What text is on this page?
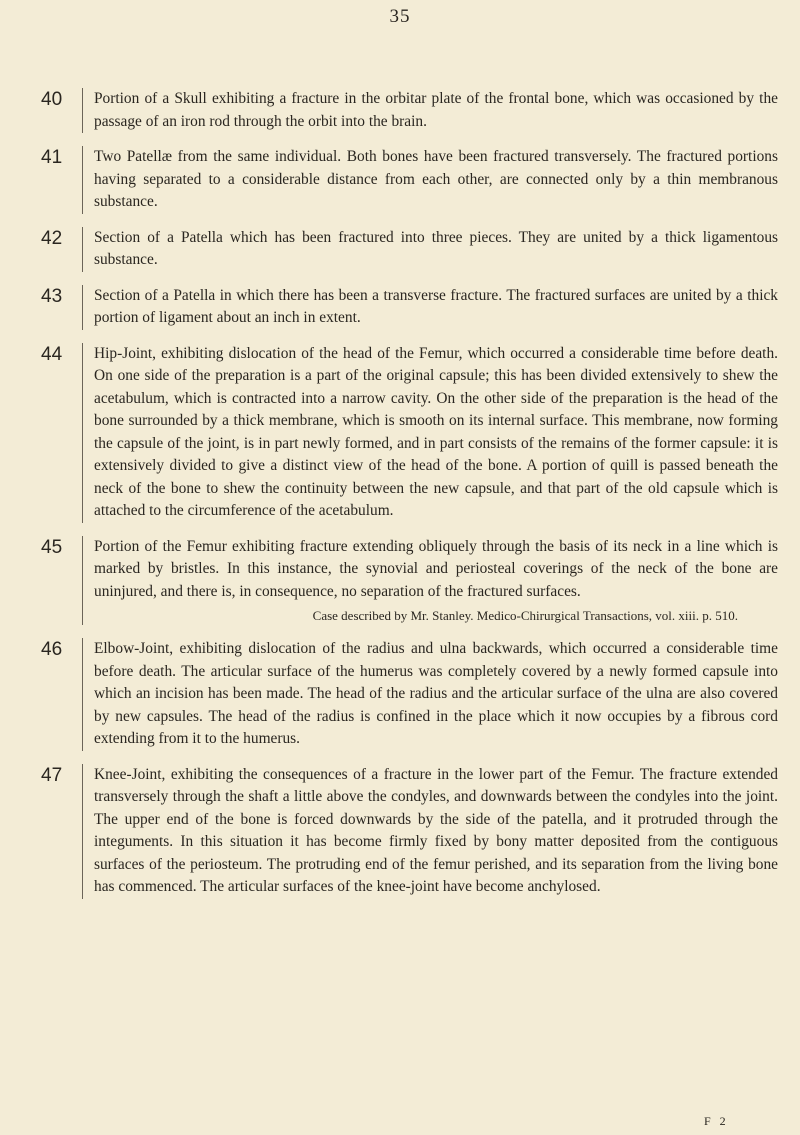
35
40 Portion of a Skull exhibiting a fracture in the orbitar plate of the frontal bone, which was occasioned by the passage of an iron rod through the orbit into the brain.

41 Two Patellæ from the same individual. Both bones have been fractured transversely. The fractured portions having separated to a considerable distance from each other, are connected only by a thin membranous substance.

42 Section of a Patella which has been fractured into three pieces. They are united by a thick ligamentous substance.

43 Section of a Patella in which there has been a transverse fracture. The fractured surfaces are united by a thick portion of ligament about an inch in extent.

44 Hip-Joint, exhibiting dislocation of the head of the Femur, which occurred a considerable time before death. On one side of the preparation is a part of the original capsule; this has been divided extensively to shew the acetabulum, which is contracted into a narrow cavity. On the other side of the preparation is the head of the bone surrounded by a thick membrane, which is smooth on its internal surface. This membrane, now forming the capsule of the joint, is in part newly formed, and in part consists of the remains of the former capsule: it is extensively divided to give a distinct view of the head of the bone. A portion of quill is passed beneath the neck of the bone to shew the continuity between the new capsule, and that part of the old capsule which is attached to the circumference of the acetabulum.

45 Portion of the Femur exhibiting fracture extending obliquely through the basis of its neck in a line which is marked by bristles. In this instance, the synovial and periosteal coverings of the neck of the bone are uninjured, and there is, in consequence, no separation of the fractured surfaces.

Case described by Mr. Stanley. Medico-Chirurgical Transactions, vol. xiii. p. 510.

46 Elbow-Joint, exhibiting dislocation of the radius and ulna backwards, which occurred a considerable time before death. The articular surface of the humerus was completely covered by a newly formed capsule into which an incision has been made. The head of the radius and the articular surface of the ulna are also covered by new capsules. The head of the radius is confined in the place which it now occupies by a fibrous cord extending from it to the humerus.

47 Knee-Joint, exhibiting the consequences of a fracture in the lower part of the Femur. The fracture extended transversely through the shaft a little above the condyles, and downwards between the condyles into the joint. The upper end of the bone is forced downwards by the side of the patella, and it protruded through the integuments. In this situation it has become firmly fixed by bony matter deposited from the contiguous surfaces of the periosteum. The protruding end of the femur perished, and its separation from the living bone has commenced. The articular surfaces of the knee-joint have become anchylosed.

F 2
